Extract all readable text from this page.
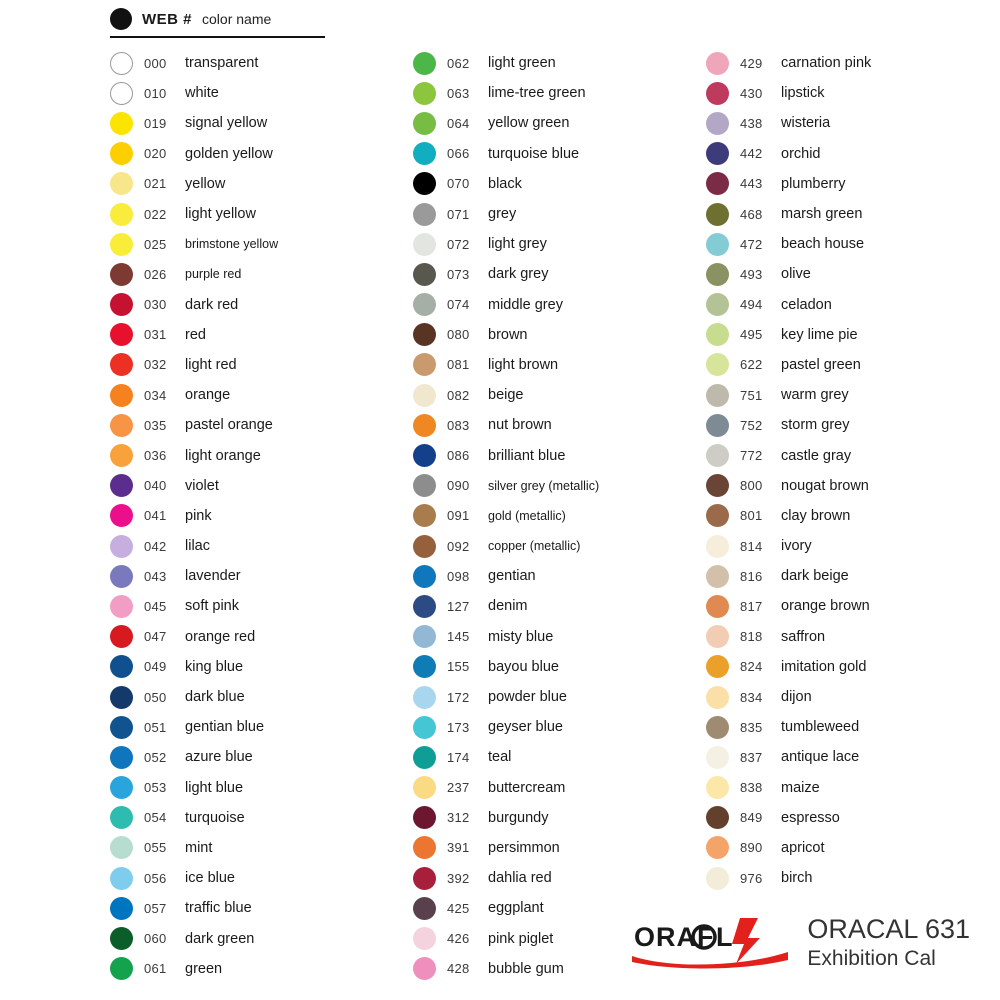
WEB # color name
000	transparent
010	white
019	signal yellow
020	golden yellow
021	yellow
022	light yellow
025	brimstone yellow
026	purple red
030	dark red
031	red
032	light red
034	orange
035	pastel orange
036	light orange
040	violet
041	pink
042	lilac
043	lavender
045	soft pink
047	orange red
049	king blue
050	dark blue
051	gentian blue
052	azure blue
053	light blue
054	turquoise
055	mint
056	ice blue
057	traffic blue
060	dark green
061	green
062	light green
063	lime-tree green
064	yellow green
066	turquoise blue
070	black
071	grey
072	light grey
073	dark grey
074	middle grey
080	brown
081	light brown
082	beige
083	nut brown
086	brilliant blue
090	silver grey (metallic)
091	gold (metallic)
092	copper (metallic)
098	gentian
127	denim
145	misty blue
155	bayou blue
172	powder blue
173	geyser blue
174	teal
237	buttercream
312	burgundy
391	persimmon
392	dahlia red
425	eggplant
426	pink piglet
428	bubble gum
429	carnation pink
430	lipstick
438	wisteria
442	orchid
443	plumberry
468	marsh green
472	beach house
493	olive
494	celadon
495	key lime pie
622	pastel green
751	warm grey
752	storm grey
772	castle gray
800	nougat brown
801	clay brown
814	ivory
816	dark beige
817	orange brown
818	saffron
824	imitation gold
834	dijon
835	tumbleweed
837	antique lace
838	maize
849	espresso
890	apricot
976	birch
ORAF L	ORACAL 631
Exhibition Cal
